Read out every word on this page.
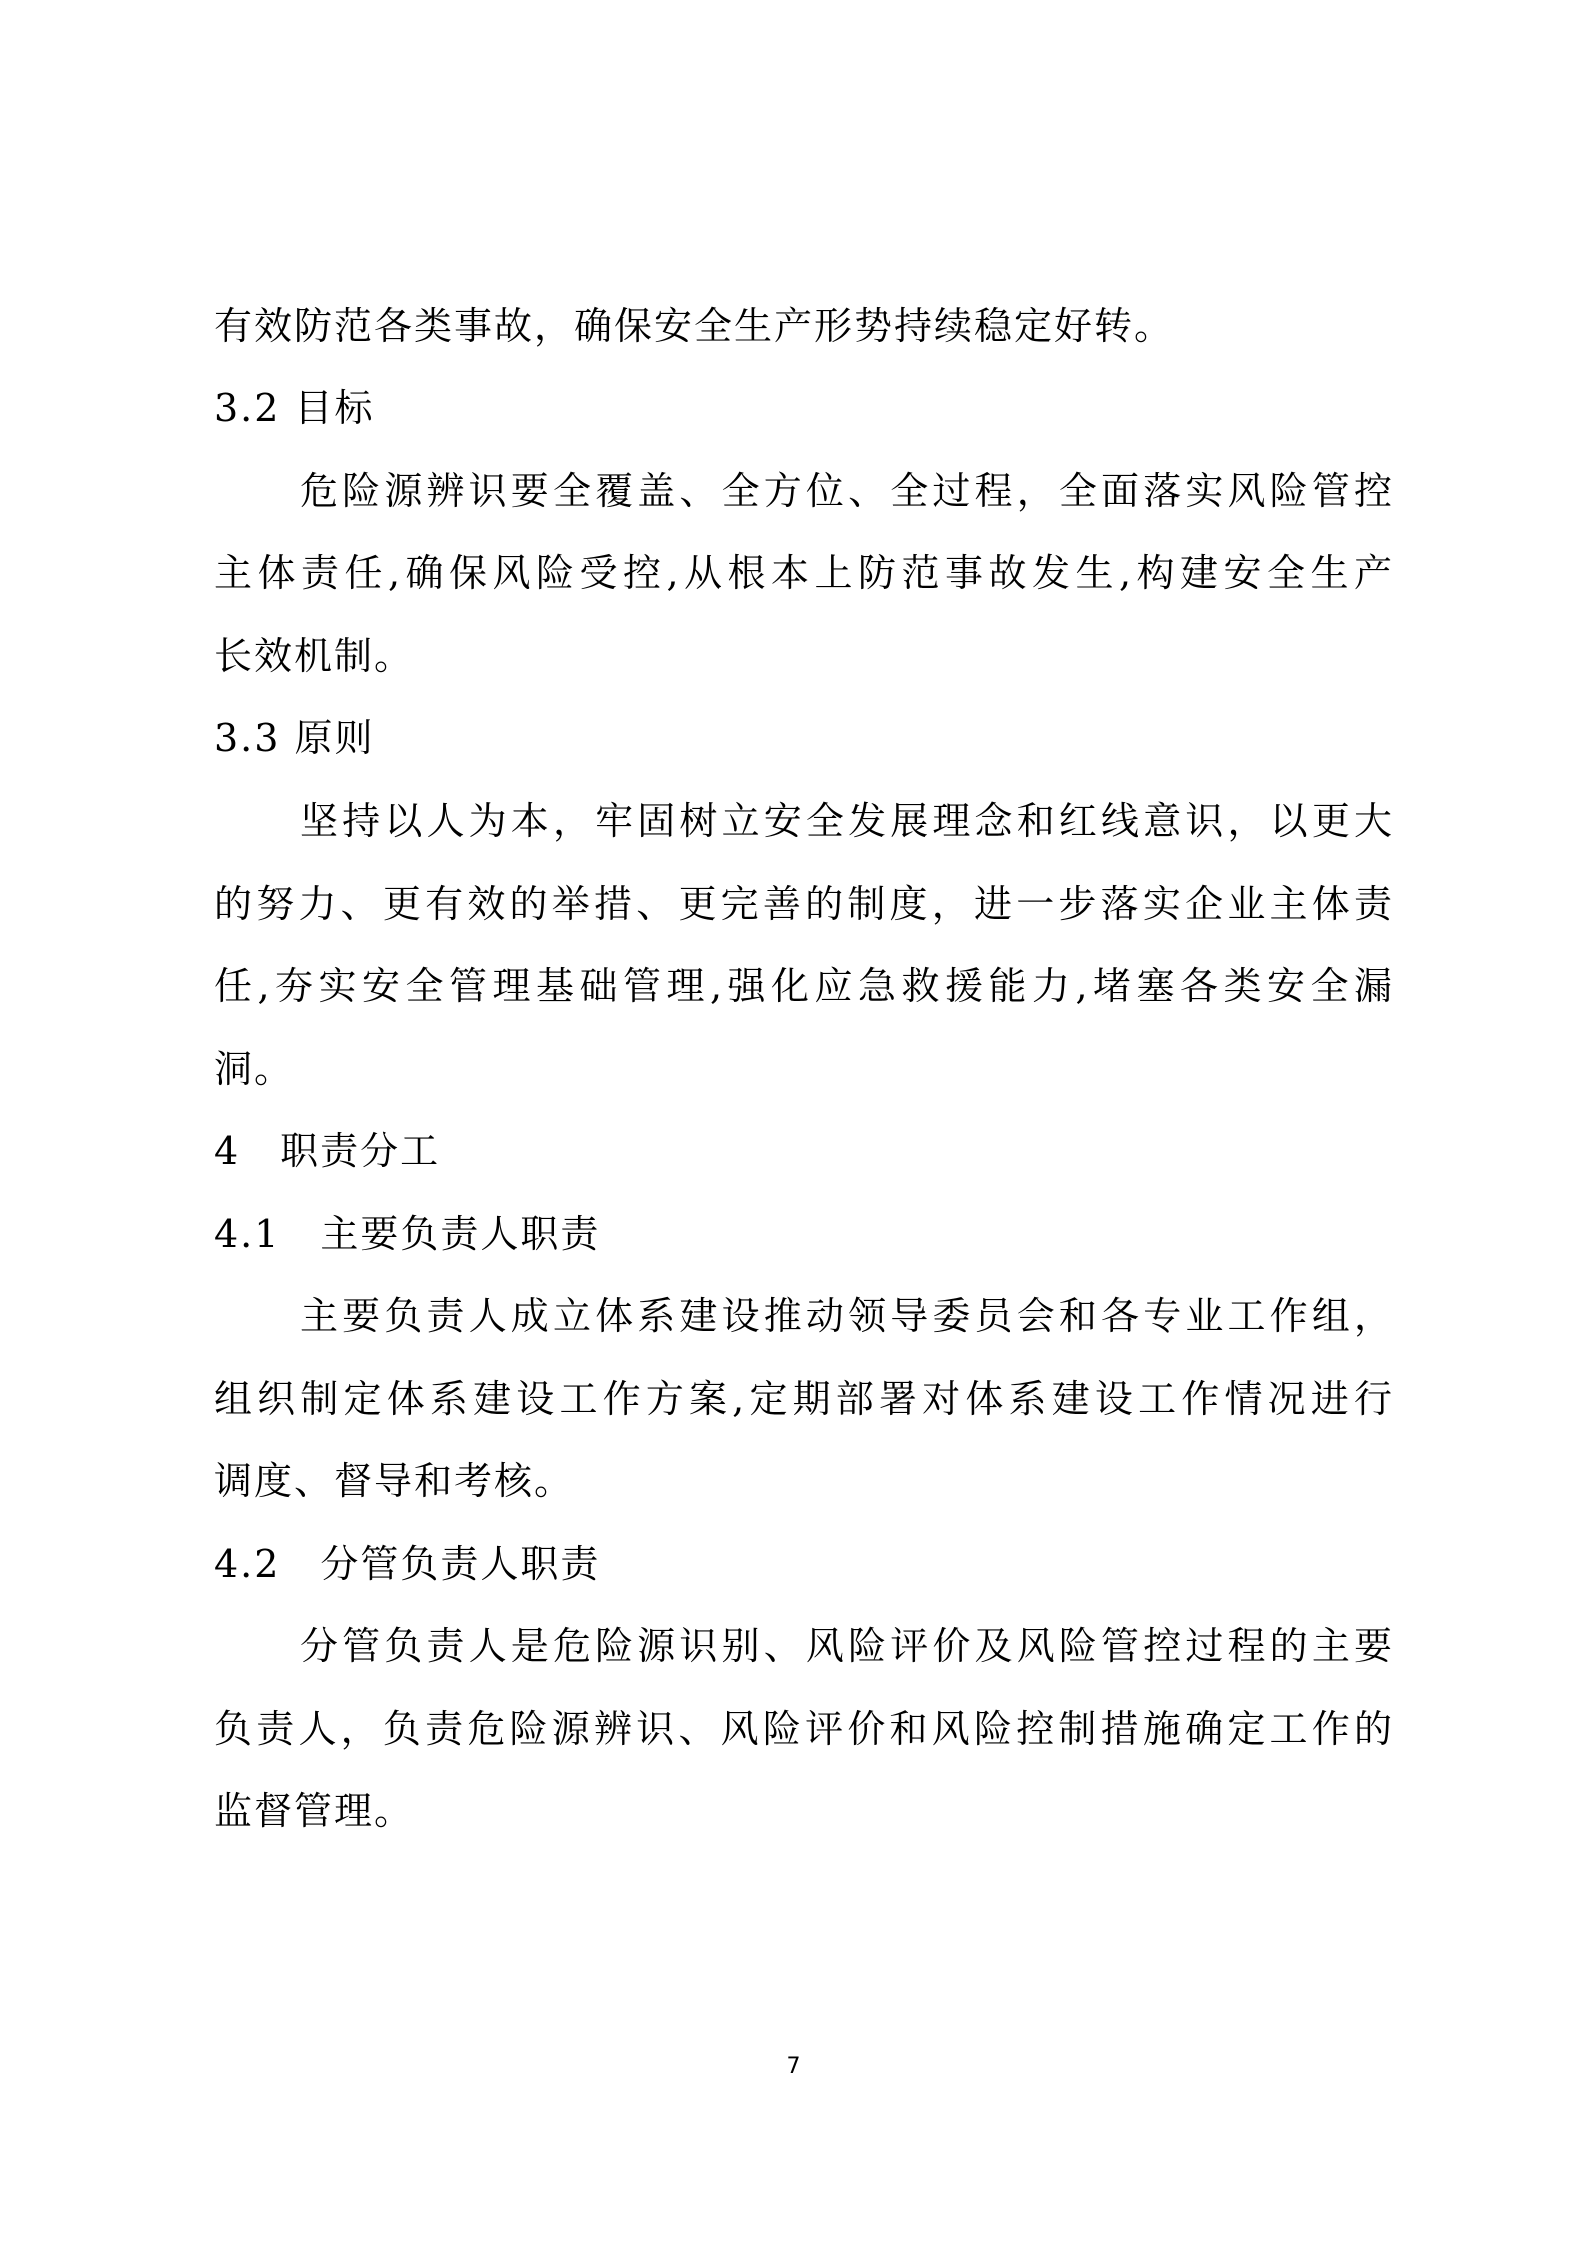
有效防范各类事故，确保安全生产形势持续稳定好转。
3.2 目标
危险源辨识要全覆盖、全方位、全过程，全面落实风险管控
主体责任,确保风险受控,从根本上防范事故发生,构建安全生产
长效机制。
3.3 原则
坚持以人为本，牢固树立安全发展理念和红线意识，以更大
的努力、更有效的举措、更完善的制度，进一步落实企业主体责
任,夯实安全管理基础管理,强化应急救援能力,堵塞各类安全漏
洞。
4 职责分工
4.1 主要负责人职责
主要负责人成立体系建设推动领导委员会和各专业工作组，
组织制定体系建设工作方案,定期部署对体系建设工作情况进行
调度、督导和考核。
4.2 分管负责人职责
分管负责人是危险源识别、风险评价及风险管控过程的主要
负责人，负责危险源辨识、风险评价和风险控制措施确定工作的
监督管理。
7
